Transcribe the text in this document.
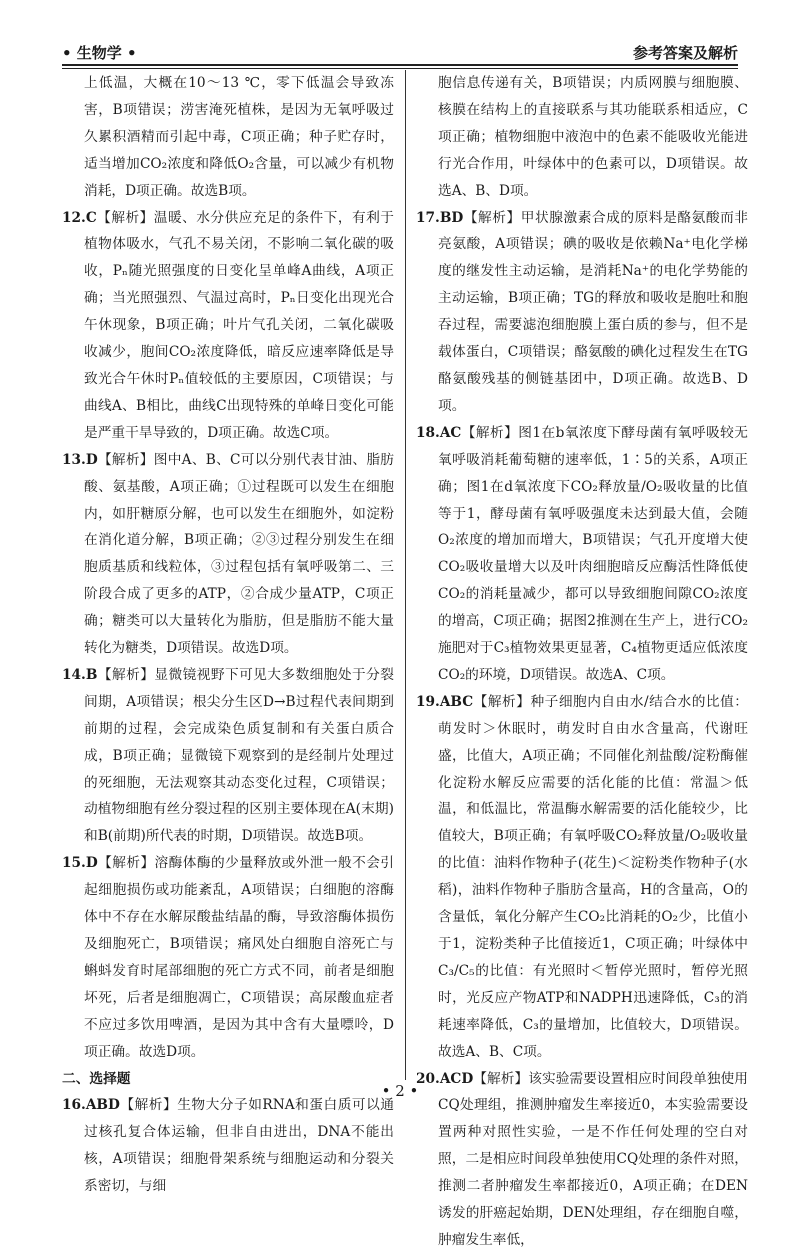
• 生物学 •	参考答案及解析

上低温，大概在10～13 ℃，零下低温会导致冻害，B项错误；涝害淹死植株，是因为无氧呼吸过久累积酒精而引起中毒，C项正确；种子贮存时，适当增加CO₂浓度和降低O₂含量，可以减少有机物消耗，D项正确。故选B项。

12.C【解析】温暖、水分供应充足的条件下，有利于植物体吸水，气孔不易关闭，不影响二氧化碳的吸收，Pₙ随光照强度的日变化呈单峰A曲线，A项正确；当光照强烈、气温过高时，Pₙ日变化出现光合午休现象，B项正确；叶片气孔关闭，二氧化碳吸收减少，胞间CO₂浓度降低，暗反应速率降低是导致光合午休时Pₙ值较低的主要原因，C项错误；与曲线A、B相比，曲线C出现特殊的单峰日变化可能是严重干旱导致的，D项正确。故选C项。

13.D【解析】图中A、B、C可以分别代表甘油、脂肪酸、氨基酸，A项正确；①过程既可以发生在细胞内，如肝糖原分解，也可以发生在细胞外，如淀粉在消化道分解，B项正确；②③过程分别发生在细胞质基质和线粒体，③过程包括有氧呼吸第二、三阶段合成了更多的ATP，②合成少量ATP，C项正确；糖类可以大量转化为脂肪，但是脂肪不能大量转化为糖类，D项错误。故选D项。

14.B【解析】显微镜视野下可见大多数细胞处于分裂间期，A项错误；根尖分生区D→B过程代表间期到前期的过程，会完成染色质复制和有关蛋白质合成，B项正确；显微镜下观察到的是经制片处理过的死细胞，无法观察其动态变化过程，C项错误；动植物细胞有丝分裂过程的区别主要体现在A(末期)和B(前期)所代表的时期，D项错误。故选B项。

15.D【解析】溶酶体酶的少量释放或外泄一般不会引起细胞损伤或功能紊乱，A项错误；白细胞的溶酶体中不存在水解尿酸盐结晶的酶，导致溶酶体损伤及细胞死亡，B项错误；痛风处白细胞自溶死亡与蝌蚪发育时尾部细胞的死亡方式不同，前者是细胞坏死，后者是细胞凋亡，C项错误；高尿酸血症者不应过多饮用啤酒，是因为其中含有大量嘌呤，D项正确。故选D项。

二、选择题

16.ABD【解析】生物大分子如RNA和蛋白质可以通过核孔复合体运输，但非自由进出，DNA不能出核，A项错误；细胞骨架系统与细胞运动和分裂关系密切，与细

胞信息传递有关，B项错误；内质网膜与细胞膜、核膜在结构上的直接联系与其功能联系相适应，C项正确；植物细胞中液泡中的色素不能吸收光能进行光合作用，叶绿体中的色素可以，D项错误。故选A、B、D项。

17.BD【解析】甲状腺激素合成的原料是酪氨酸而非亮氨酸，A项错误；碘的吸收是依赖Na⁺电化学梯度的继发性主动运输，是消耗Na⁺的电化学势能的主动运输，B项正确；TG的释放和吸收是胞吐和胞吞过程，需要滤泡细胞膜上蛋白质的参与，但不是载体蛋白，C项错误；酪氨酸的碘化过程发生在TG酪氨酸残基的侧链基团中，D项正确。故选B、D项。

18.AC【解析】图1在b氧浓度下酵母菌有氧呼吸较无氧呼吸消耗葡萄糖的速率低，1∶5的关系，A项正确；图1在d氧浓度下CO₂释放量/O₂吸收量的比值等于1，酵母菌有氧呼吸强度未达到最大值，会随O₂浓度的增加而增大，B项错误；气孔开度增大使CO₂吸收量增大以及叶肉细胞暗反应酶活性降低使CO₂的消耗量减少，都可以导致细胞间隙CO₂浓度的增高，C项正确；据图2推测在生产上，进行CO₂施肥对于C₃植物效果更显著，C₄植物更适应低浓度CO₂的环境，D项错误。故选A、C项。

19.ABC【解析】种子细胞内自由水/结合水的比值：萌发时＞休眠时，萌发时自由水含量高，代谢旺盛，比值大，A项正确；不同催化剂盐酸/淀粉酶催化淀粉水解反应需要的活化能的比值：常温＞低温，和低温比，常温酶水解需要的活化能较少，比值较大，B项正确；有氧呼吸CO₂释放量/O₂吸收量的比值：油料作物种子(花生)＜淀粉类作物种子(水稻)，油料作物种子脂肪含量高，H的含量高，O的含量低，氧化分解产生CO₂比消耗的O₂少，比值小于1，淀粉类种子比值接近1，C项正确；叶绿体中C₃/C₅的比值：有光照时＜暂停光照时，暂停光照时，光反应产物ATP和NADPH迅速降低，C₃的消耗速率降低，C₃的量增加，比值较大，D项错误。故选A、B、C项。

20.ACD【解析】该实验需要设置相应时间段单独使用CQ处理组，推测肿瘤发生率接近0，本实验需要设置两种对照性实验，一是不作任何处理的空白对照，二是相应时间段单独使用CQ处理的条件对照，推测二者肿瘤发生率都接近0，A项正确；在DEN诱发的肝癌起始期，DEN处理组，存在细胞自噬，肿瘤发生率低，

• 2 •
